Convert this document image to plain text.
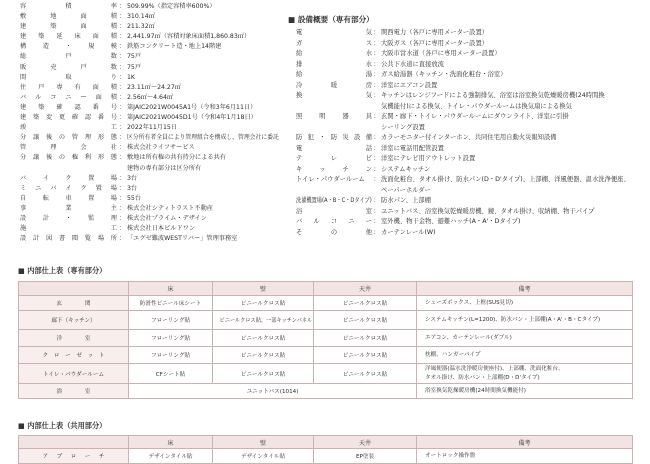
容積率 ： 509.99%（指定容積率600%）
敷地面積 ： 310.14㎡
建築面積 ： 211.32㎡
建築延床面積 ： 2,441.97㎡（容積対象床面積1,860.83㎡）
構造・規模 ： 鉄筋コンクリート造・地上14階建
総戸数 ： 75戸
販売戸数 ： 75戸
間取り ： 1K
住戸専有面積 ： 23.11㎡～24.27㎡
バルコニー面積 ： 2.56㎡～4.64㎡
建築確認番号 ： 第JAIC2021W0045A1号（令和3年6月11日）
建築変更確認番号 ： 第JAIC2021W0045D1号（令和4年1月18日）
竣工 ： 2022年11月15日
分譲後の管理形態 ： 区分所有者全員により管理組合を構成し、管理会社に委託
管理会社 ： 株式会社ライフサービス
分譲後の権利形態 ： 敷地は所有権の共有持分による共有
建物の専有部分は区分所有
バイク置場 ： 3台
ミニバイク置場 ： 3台
自転車置場 ： 55台
事業主 ： 株式会社シティトラスト不動産
設計・監理 ： 株式会社プライム・デザイン
施工 ： 株式会社日本ビルドワン
設計図書閲覧場所 ： 「エグゼ難波WESTリバー」管理事務室
■ 設備概要（専有部分）
電気 ： 関西電力（各戸に専用メーター設置）
ガス ： 大阪ガス（各戸に専用メーター設置）
給水 ： 大阪市営水道（各戸に専用メーター設置）
排水 ： 公共下水道に直接放流
給湯 ： ガス給湯器（キッチン・洗面化粧台・浴室）
冷暖房 ： 洋室にエアコン設置
換気 ： キッチンはレンジフードによる強制排気、浴室は浴室換気乾燥暖房機(24時間換
気機能付)による換気、トイレ・パウダールームは換気扇による換気
照明器具 ： 玄関・廊下・トイレ・パウダールームにダウンライト、洋室に引掛
シーリング設置
防犯・防災設備 ： カラーモニター付インターホン、共同住宅用自動火災報知設備
電話 ： 洋室に電話用配管設置
テレビ ： 洋室にテレビ用アウトレット設置
キッチン ： システムキッチン
トイレ・パウダールーム	： 洗面化粧台、タオル掛け、防水パン(D・D'タイプ)、上部棚、洋風便器、温水洗浄便座、
ペーパーホルダー
洗濯機置場(A・B・C・Dタイプ) ： 防水パン、上部棚
浴室 ： ユニットバス、浴室換気乾燥暖房機、鏡、タオル掛け、収納棚、物干パイプ
バルコニー ： 室外機、物干金物、避難ハッチ(A・A'・Dタイプ)
その他 ： カーテンレール(W)
■ 内部仕上表（専有部分）
	床	壁	天井	備考
玄関	防滑性ビニール床シート	ビニールクロス貼	ビニールクロス貼	シューズボックス、上框(SUS見切)

廊下（キッチン）	フローリング貼	ビニールクロス貼、一部キッチンパネル	ビニールクロス貼	システムキッチン(L=1200)、防水パン・上部棚(A・A'・B・Cタイプ)

洋室	フローリング貼	ビニールクロス貼	ビニールクロス貼	エアコン、カーテンレール(ダブル)

クローゼット	フローリング貼	ビニールクロス貼	ビニールクロス貼	枕棚、ハンガーパイプ

トイレ・パウダールーム	CFシート貼	ビニールクロス貼	ビニールクロス貼	洋風便器(温水洗浄暖房便座付)、上部棚、洗面化粧台、
タオル掛け、防水パン・上部棚(D・D'タイプ)

浴室	ユニットバス(1014)			浴室換気乾燥暖房機(24時間換気機能付)
■ 内部仕上表（共用部分）
	床	壁	天井	備考
アプローチ	デザインタイル貼	デザインタイル貼	EP塗装	オートロック操作盤
